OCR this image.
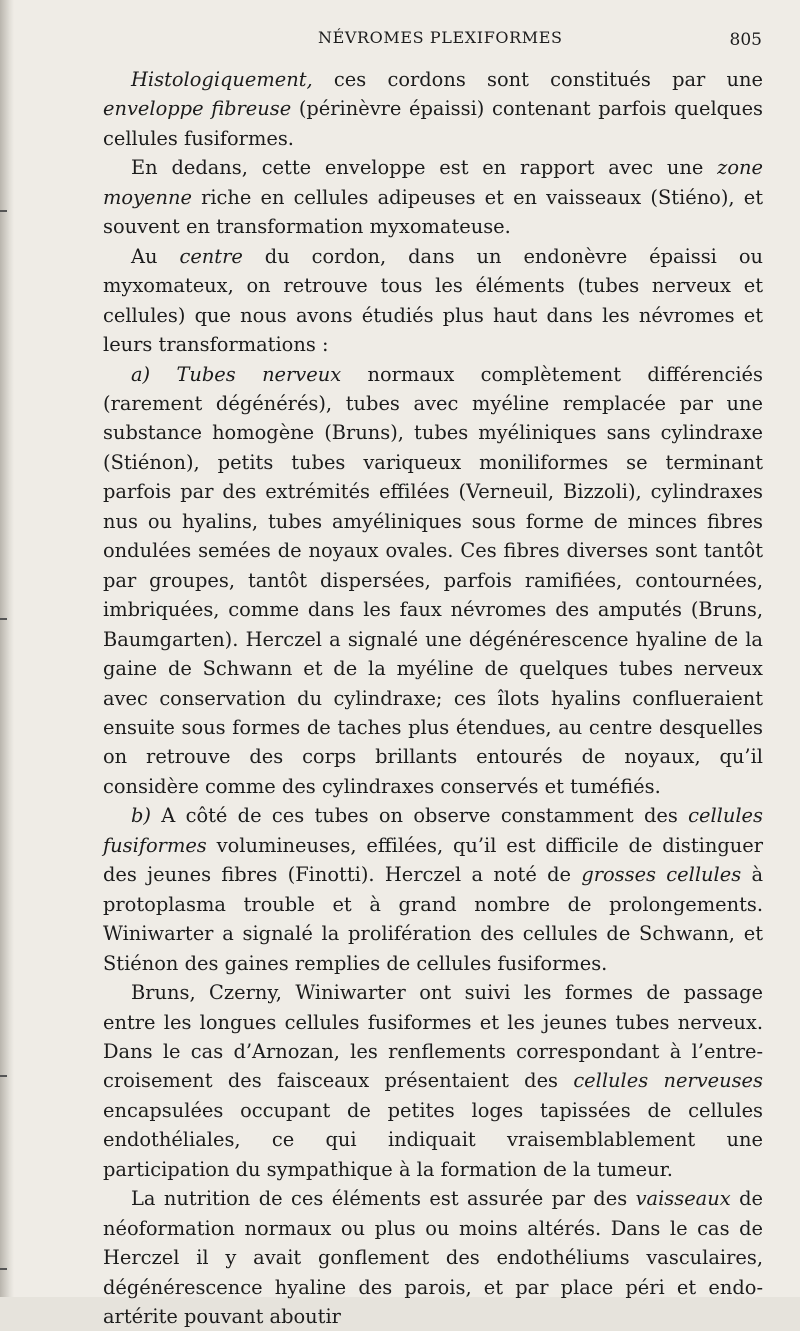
NÉVROMES PLEXIFORMES	805

Histologiquement, ces cordons sont constitués par une enveloppe fibreuse (périnèvre épaissi) contenant parfois quelques cellules fusiformes.

En dedans, cette enveloppe est en rapport avec une zone moyenne riche en cellules adipeuses et en vaisseaux (Stiéno), et souvent en transformation myxomateuse.

Au centre du cordon, dans un endonèvre épaissi ou myxomateux, on retrouve tous les éléments (tubes nerveux et cellules) que nous avons étudiés plus haut dans les névromes et leurs transformations :

a) Tubes nerveux normaux complètement différenciés (rarement dégénérés), tubes avec myéline remplacée par une substance homogène (Bruns), tubes myéliniques sans cylindraxe (Stiénon), petits tubes variqueux moniliformes se terminant parfois par des extrémités effilées (Verneuil, Bizzoli), cylindraxes nus ou hyalins, tubes amyéliniques sous forme de minces fibres ondulées semées de noyaux ovales. Ces fibres diverses sont tantôt par groupes, tantôt dispersées, parfois ramifiées, contournées, imbriquées, comme dans les faux névromes des amputés (Bruns, Baumgarten). Herczel a signalé une dégénérescence hyaline de la gaine de Schwann et de la myéline de quelques tubes nerveux avec conservation du cylindraxe; ces îlots hyalins conflueraient ensuite sous formes de taches plus étendues, au centre desquelles on retrouve des corps brillants entourés de noyaux, qu’il considère comme des cylindraxes conservés et tuméfiés.

b) A côté de ces tubes on observe constamment des cellules fusiformes volumineuses, effilées, qu’il est difficile de distinguer des jeunes fibres (Finotti). Herczel a noté de grosses cellules à protoplasma trouble et à grand nombre de prolongements. Winiwarter a signalé la prolifération des cellules de Schwann, et Stiénon des gaines remplies de cellules fusiformes.

Bruns, Czerny, Winiwarter ont suivi les formes de passage entre les longues cellules fusiformes et les jeunes tubes nerveux. Dans le cas d’Arnozan, les renflements correspondant à l’entre-croisement des faisceaux présentaient des cellules nerveuses encapsulées occupant de petites loges tapissées de cellules endothéliales, ce qui indiquait vraisemblablement une participation du sympathique à la formation de la tumeur.

La nutrition de ces éléments est assurée par des vaisseaux de néoformation normaux ou plus ou moins altérés. Dans le cas de Herczel il y avait gonflement des endothéliums vasculaires, dégénérescence hyaline des parois, et par place péri et endo-artérite pouvant aboutir
